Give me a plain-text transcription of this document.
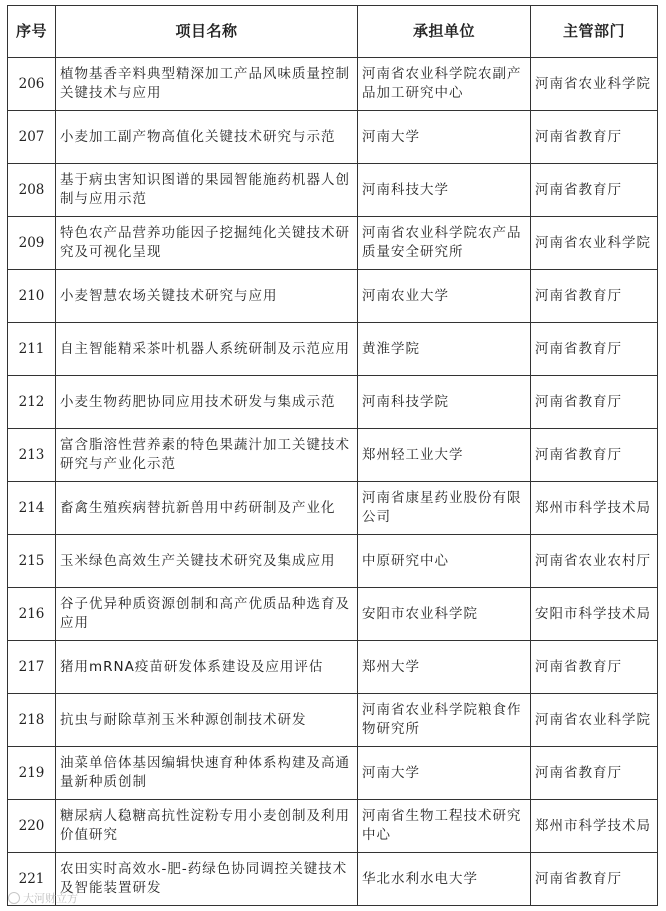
序号	项目名称	承担单位	主管部门
206	植物基香辛料典型精深加工产品风味质量控制关键技术与应用	河南省农业科学院农副产品加工研究中心	河南省农业科学院
207	小麦加工副产物高值化关键技术研究与示范	河南大学	河南省教育厅
208	基于病虫害知识图谱的果园智能施药机器人创制与应用示范	河南科技大学	河南省教育厅
209	特色农产品营养功能因子挖掘纯化关键技术研究及可视化呈现	河南省农业科学院农产品质量安全研究所	河南省农业科学院
210	小麦智慧农场关键技术研究与应用	河南农业大学	河南省教育厅
211	自主智能精采茶叶机器人系统研制及示范应用	黄淮学院	河南省教育厅
212	小麦生物药肥协同应用技术研发与集成示范	河南科技学院	河南省教育厅
213	富含脂溶性营养素的特色果蔬汁加工关键技术研究与产业化示范	郑州轻工业大学	河南省教育厅
214	畜禽生殖疾病替抗新兽用中药研制及产业化	河南省康星药业股份有限公司	郑州市科学技术局
215	玉米绿色高效生产关键技术研究及集成应用	中原研究中心	河南省农业农村厅
216	谷子优异种质资源创制和高产优质品种选育及应用	安阳市农业科学院	安阳市科学技术局
217	猪用mRNA疫苗研发体系建设及应用评估	郑州大学	河南省教育厅
218	抗虫与耐除草剂玉米种源创制技术研发	河南省农业科学院粮食作物研究所	河南省农业科学院
219	油菜单倍体基因编辑快速育种体系构建及高通量新种质创制	河南大学	河南省教育厅
220	糖尿病人稳糖高抗性淀粉专用小麦创制及利用价值研究	河南省生物工程技术研究中心	郑州市科学技术局
221	农田实时高效水-肥-药绿色协同调控关键技术及智能装置研发	华北水利水电大学	河南省教育厅
大河财立方
